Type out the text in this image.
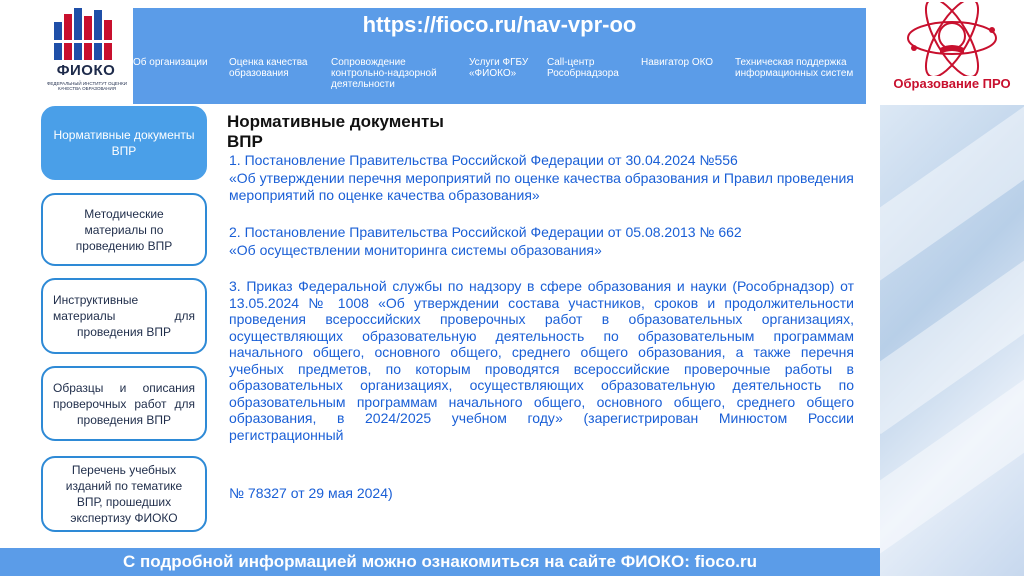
ФИОКО
ФЕДЕРАЛЬНЫЙ ИНСТИТУТ ОЦЕНКИ КАЧЕСТВА ОБРАЗОВАНИЯ
https://fioco.ru/nav-vpr-oo
Об организации	Оценка качества образования
Сопровождение контрольно-надзорной деятельности
Услуги ФГБУ «ФИОКО»
Call-центр Рособрнадзора
Навигатор ОКО	Техническая поддержка информационных систем
Образование ПРО
Нормативные документы ВПР
Методические материалы по проведению ВПР
Инструктивные материалы для проведения ВПР
Образцы и описания проверочных работ для проведения ВПР
Перечень учебных изданий по тематике ВПР, прошедших экспертизу ФИОКО
Нормативные документы ВПР
1. Постановление Правительства Российской Федерации от 30.04.2024 №556
«Об утверждении перечня мероприятий по оценке качества образования и Правил проведения мероприятий по оценке качества образования»
2. Постановление Правительства Российской Федерации от 05.08.2013 № 662
«Об осуществлении мониторинга системы образования»
3. Приказ Федеральной службы по надзору в сфере образования и науки (Рособрнадзор) от 13.05.2024 № 1008 «Об утверждении состава участников, сроков и продолжительности проведения всероссийских проверочных работ в образовательных организациях, осуществляющих образовательную деятельность по образовательным программам начального общего, основного общего, среднего общего образования, а также перечня учебных предметов, по которым проводятся всероссийские проверочные работы в образовательных организациях, осуществляющих образовательную деятельность по образовательным программам начального общего, основного общего, среднего общего образования, в 2024/2025 учебном году» (зарегистрирован Минюстом России регистрационный
№ 78327 от 29 мая 2024)
С подробной информацией можно ознакомиться на сайте ФИОКО: fioco.ru
